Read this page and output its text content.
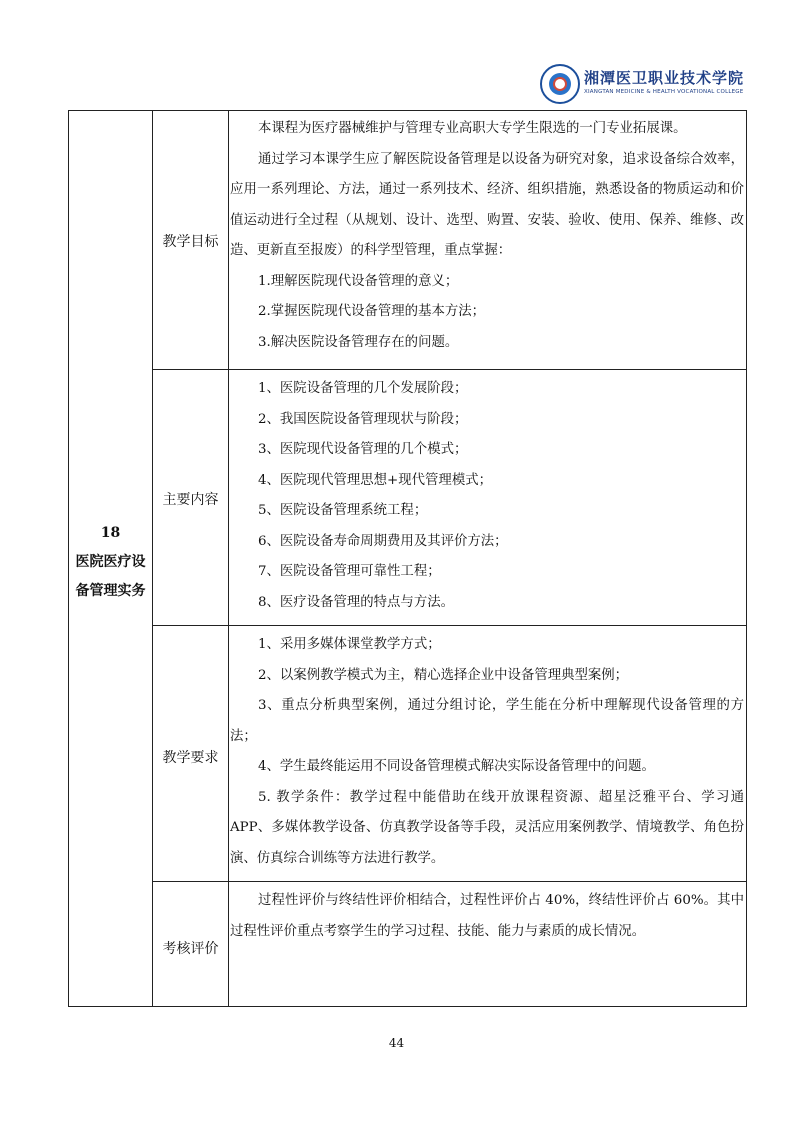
湘潭医卫职业技术学院
XIANGTAN MEDICINE & HEALTH VOCATIONAL COLLEGE
18
医院医疗设
备管理实务
教学目标

本课程为医疗器械维护与管理专业高职大专学生限选的一门专业拓展课。

通过学习本课学生应了解医院设备管理是以设备为研究对象，追求设备综合效率，应用一系列理论、方法，通过一系列技术、经济、组织措施，熟悉设备的物质运动和价值运动进行全过程（从规划、设计、选型、购置、安装、验收、使用、保养、维修、改造、更新直至报废）的科学型管理，重点掌握：

1.理解医院现代设备管理的意义；

2.掌握医院现代设备管理的基本方法；

3.解决医院设备管理存在的问题。

主要内容

1、医院设备管理的几个发展阶段；

2、我国医院设备管理现状与阶段；

3、医院现代设备管理的几个模式；

4、医院现代管理思想+现代管理模式；

5、医院设备管理系统工程；

6、医院设备寿命周期费用及其评价方法；

7、医院设备管理可靠性工程；

8、医疗设备管理的特点与方法。

教学要求

1、采用多媒体课堂教学方式；

2、以案例教学模式为主，精心选择企业中设备管理典型案例；

3、重点分析典型案例，通过分组讨论，学生能在分析中理解现代设备管理的方法；

4、学生最终能运用不同设备管理模式解决实际设备管理中的问题。

5. 教学条件：教学过程中能借助在线开放课程资源、超星泛雅平台、学习通APP、多媒体教学设备、仿真教学设备等手段，灵活应用案例教学、情境教学、角色扮演、仿真综合训练等方法进行教学。

考核评价

过程性评价与终结性评价相结合，过程性评价占 40%，终结性评价占 60%。其中过程性评价重点考察学生的学习过程、技能、能力与素质的成长情况。

44
